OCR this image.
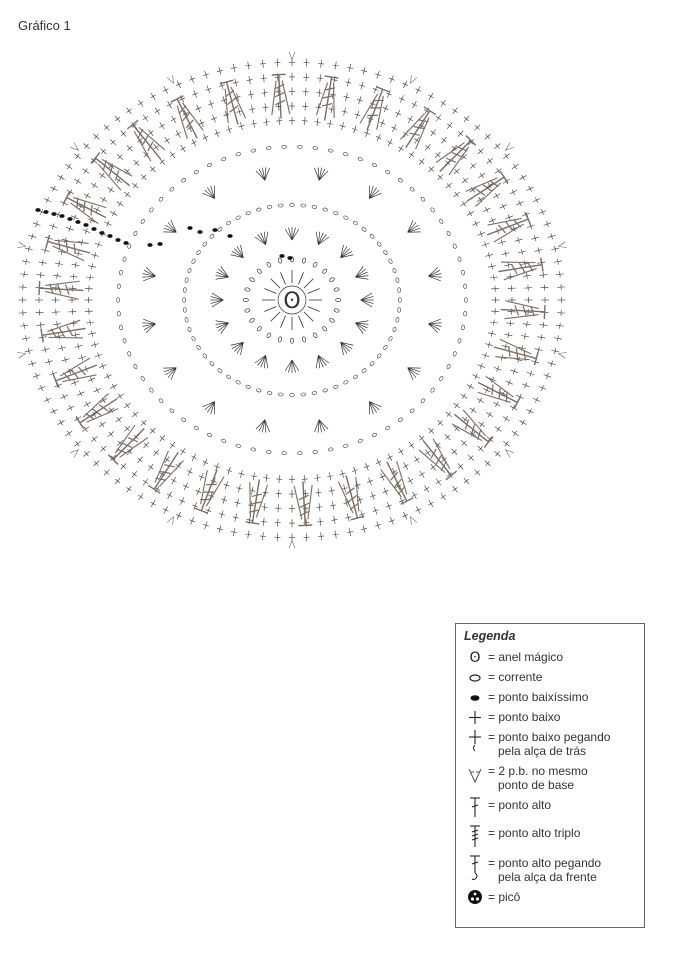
Gráfico 1
ʘ
Legenda
ʘ = anel mágico
= corrente
= ponto baixíssimo
= ponto baixo
= ponto baixo pegando
pela alça de trás
= 2 p.b. no mesmo
ponto de base
= ponto alto
= ponto alto triplo
= ponto alto pegando
pela alça da frente
= picô
